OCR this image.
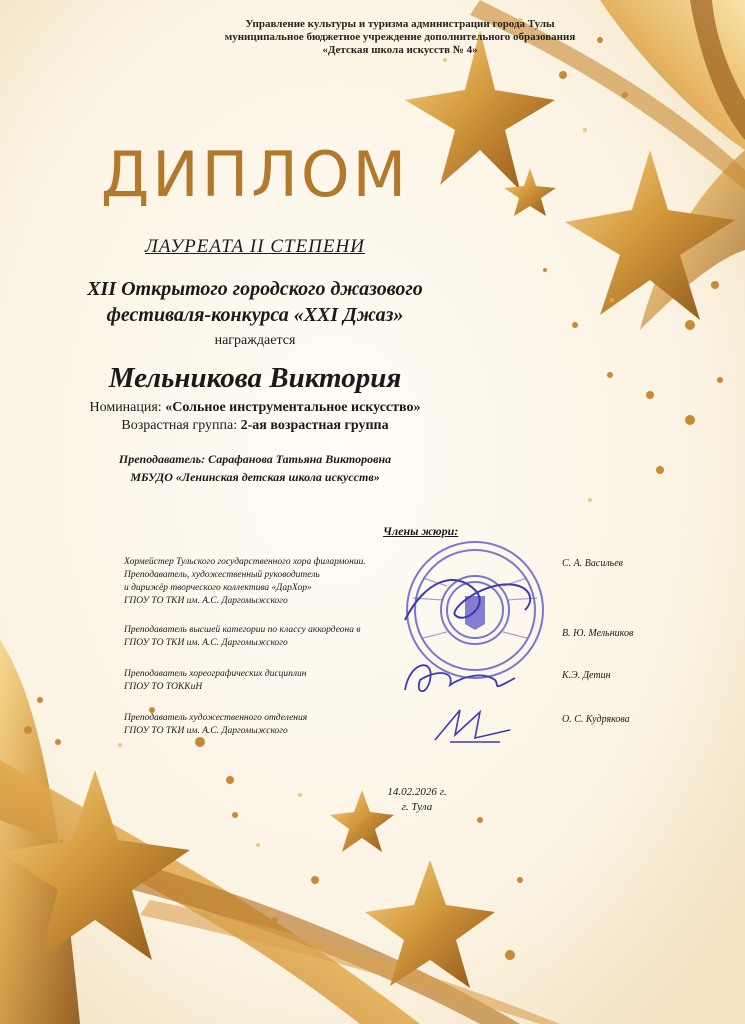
Управление культуры и туризма администрации города Тулы
муниципальное бюджетное учреждение дополнительного образования
«Детская школа искусств № 4»
ДИПЛОМ
ЛАУРЕАТА II СТЕПЕНИ
XII Открытого городского джазового
фестиваля-конкурса «XXI Джаз»
награждается
Мельникова Виктория
Номинация: «Сольное инструментальное искусство»
Возрастная группа: 2-ая возрастная группа
Преподаватель: Сарафанова Татьяна Викторовна
МБУДО «Ленинская детская школа искусств»
Члены жюри:
Хормейстер Тульского государственного хора филармонии.
Преподаватель, художественный руководитель
и дирижёр творческого коллектива «ДарХор»
ГПОУ ТО ТКИ им. А.С. Даргомыжского
С. А. Васильев
Преподаватель высшей категории по классу аккордеона в
ГПОУ ТО ТКИ им. А.С. Даргомыжского
В. Ю. Мельников
Преподаватель хореографических дисциплин
ГПОУ ТО ТОККиН
К.Э. Детин
Преподаватель художественного отделения
ГПОУ ТО ТКИ им. А.С. Даргомыжского
О. С. Кудрякова
14.02.2026 г.
г. Тула
